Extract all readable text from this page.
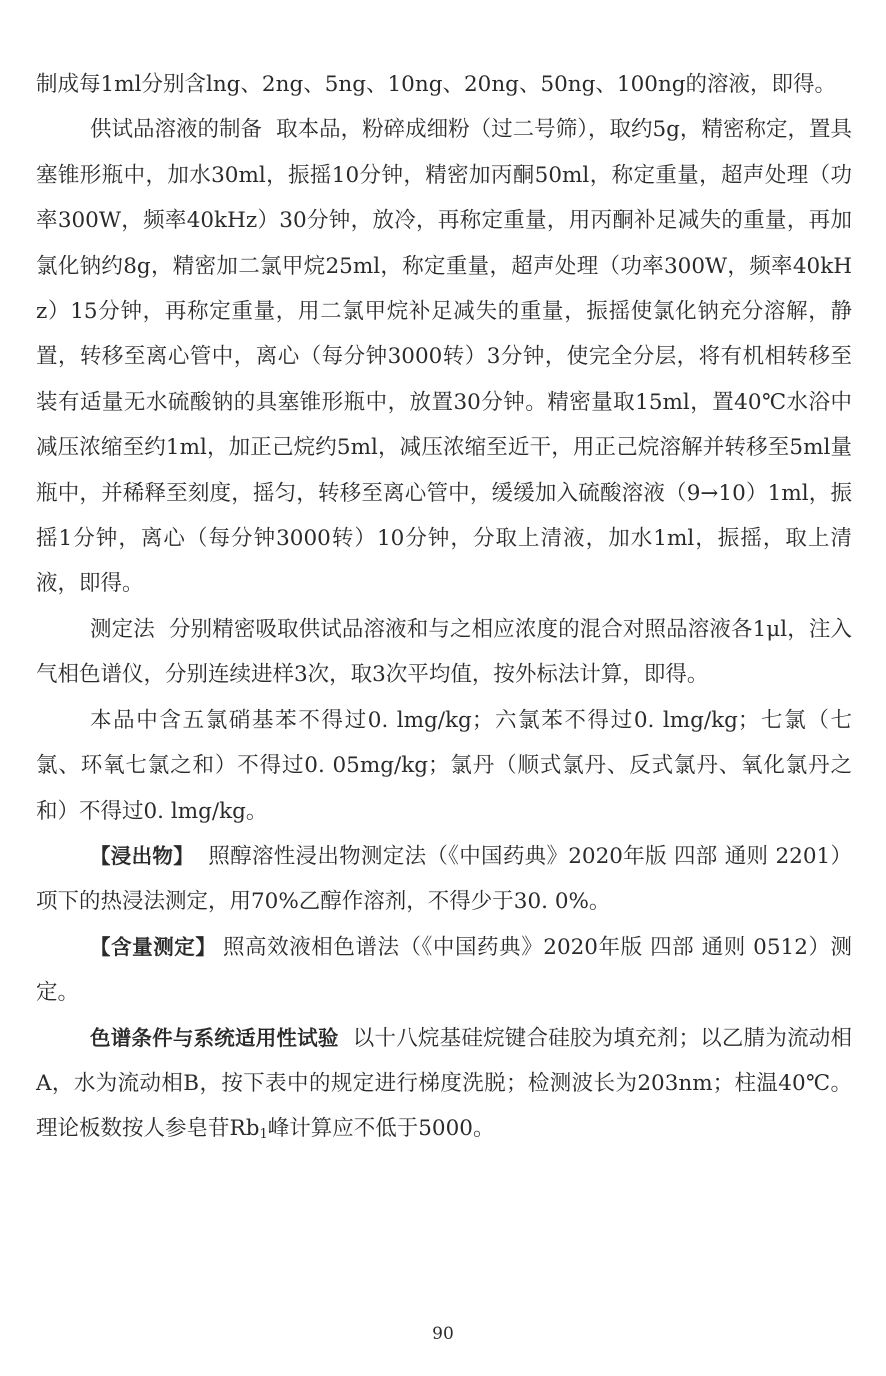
制成每1ml分别含lng、2ng、5ng、10ng、20ng、50ng、100ng的溶液，即得。

供试品溶液的制备 取本品，粉碎成细粉（过二号筛），取约5g，精密称定，置具塞锥形瓶中，加水30ml，振摇10分钟，精密加丙酮50ml，称定重量，超声处理（功率300W，频率40kHz）30分钟，放冷，再称定重量，用丙酮补足减失的重量，再加氯化钠约8g，精密加二氯甲烷25ml，称定重量，超声处理（功率300W，频率40kHz）15分钟，再称定重量，用二氯甲烷补足减失的重量，振摇使氯化钠充分溶解，静置，转移至离心管中，离心（每分钟3000转）3分钟，使完全分层，将有机相转移至装有适量无水硫酸钠的具塞锥形瓶中，放置30分钟。精密量取15ml，置40℃水浴中减压浓缩至约1ml，加正己烷约5ml，减压浓缩至近干，用正己烷溶解并转移至5ml量瓶中，并稀释至刻度，摇匀，转移至离心管中，缓缓加入硫酸溶液（9→10）1ml，振摇1分钟，离心（每分钟3000转）10分钟，分取上清液，加水1ml，振摇，取上清液，即得。

测定法 分别精密吸取供试品溶液和与之相应浓度的混合对照品溶液各1μl，注入气相色谱仪，分别连续进样3次，取3次平均值，按外标法计算，即得。

本品中含五氯硝基苯不得过0. lmg/kg；六氯苯不得过0. lmg/kg；七氯（七氯、环氧七氯之和）不得过0. 05mg/kg；氯丹（顺式氯丹、反式氯丹、氧化氯丹之和）不得过0. lmg/kg。

【浸出物】 照醇溶性浸出物测定法（《中国药典》2020年版 四部 通则 2201）项下的热浸法测定，用70%乙醇作溶剂，不得少于30. 0%。

【含量测定】 照高效液相色谱法（《中国药典》2020年版 四部 通则 0512）测定。

色谱条件与系统适用性试验 以十八烷基硅烷键合硅胶为填充剂；以乙腈为流动相A，水为流动相B，按下表中的规定进行梯度洗脱；检测波长为203nm；柱温40℃。理论板数按人参皂苷$Rb_1$峰计算应不低于5000。

90
